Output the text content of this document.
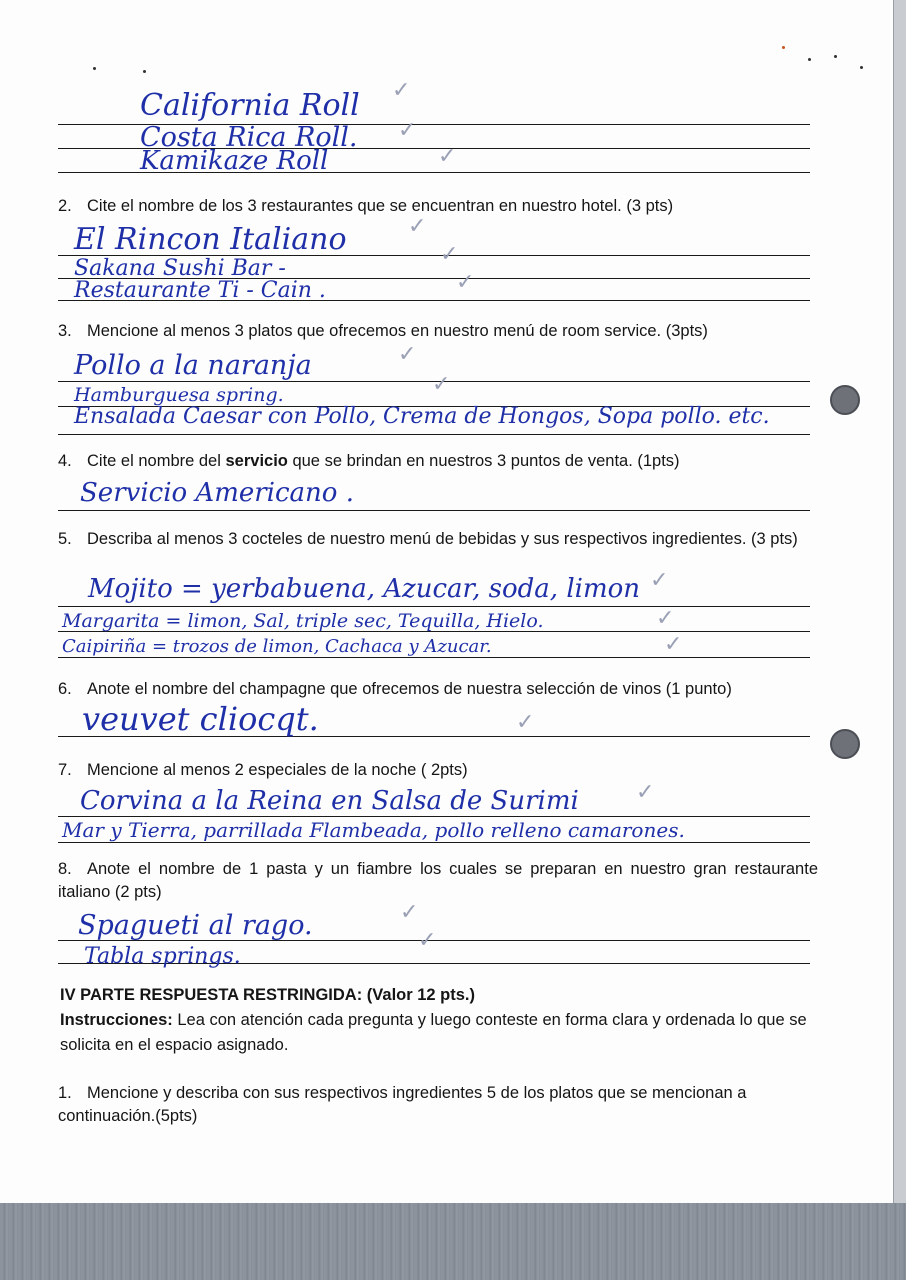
California Roll
Costa Rica Roll.
Kamikaze Roll
✓
✓
✓
2. Cite el nombre de los 3 restaurantes que se encuentran en nuestro hotel. (3 pts)
El Rincon Italiano
Sakana Sushi Bar -
Restaurante Ti - Cain .
✓
✓
✓
3. Mencione al menos 3 platos que ofrecemos en nuestro menú de room service. (3pts)
Pollo a la naranja
Hamburguesa spring.
Ensalada Caesar con Pollo, Crema de Hongos, Sopa pollo. etc.
✓
✓
4. Cite el nombre del servicio que se brindan en nuestros 3 puntos de venta. (1pts)
Servicio Americano .
5. Describa al menos 3 cocteles de nuestro menú de bebidas y sus respectivos ingredientes. (3 pts)
Mojito = yerbabuena, Azucar, soda, limon
Margarita = limon, Sal, triple sec, Tequilla, Hielo.
Caipiriña = trozos de limon, Cachaca y Azucar.
✓
✓
✓
6. Anote el nombre del champagne que ofrecemos de nuestra selección de vinos (1 punto)
veuvet cliocqt.	✓
7. Mencione al menos 2 especiales de la noche ( 2pts)
Corvina a la Reina en Salsa de Surimi
Mar y Tierra, parrillada Flambeada, pollo relleno camarones.
✓
8. Anote el nombre de 1 pasta y un fiambre los cuales se preparan en nuestro gran restaurante italiano (2 pts)
Spagueti al rago.
Tabla springs.
✓
✓
IV PARTE RESPUESTA RESTRINGIDA: (Valor 12 pts.)
Instrucciones: Lea con atención cada pregunta y luego conteste en forma clara y ordenada lo que se solicita en el espacio asignado.
1. Mencione y describa con sus respectivos ingredientes 5 de los platos que se mencionan a continuación.(5pts)
